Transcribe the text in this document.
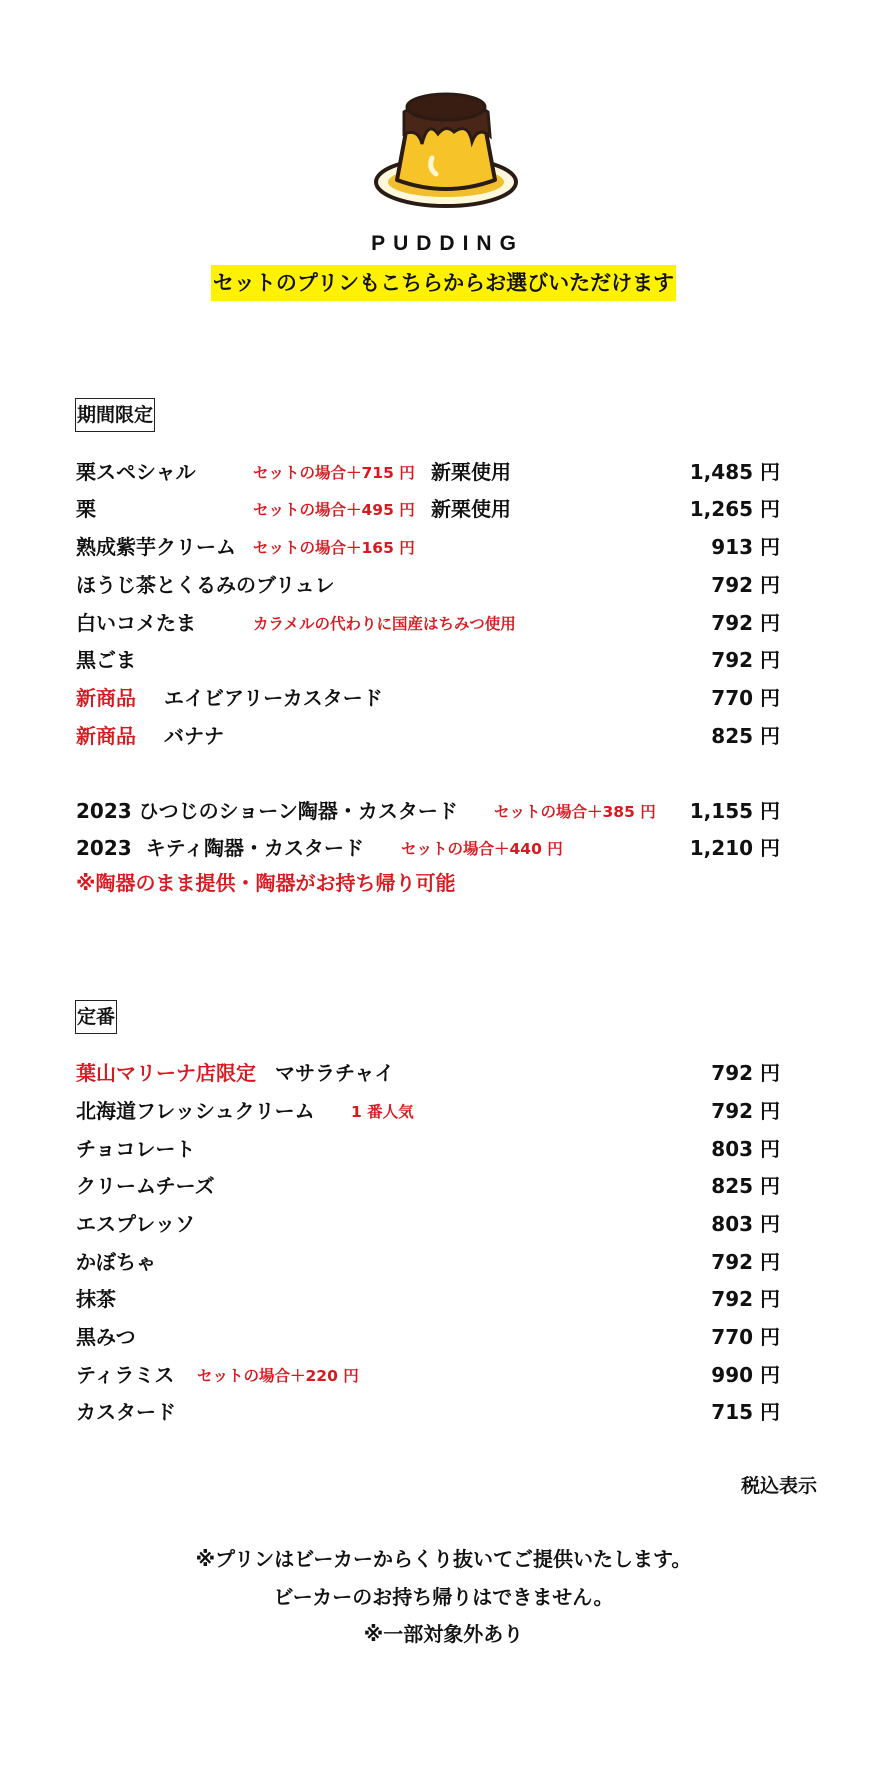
PUDDING
セットのプリンもこちらからお選びいただけます
期間限定
栗スペシャル	セットの場合＋715 円 新栗使用	1,485 円
栗	セットの場合＋495 円 新栗使用	1,265 円
熟成紫芋クリーム セットの場合＋165 円	913 円
ほうじ茶とくるみのブリュレ	792 円
白いコメたま	カラメルの代わりに国産はちみつ使用	792 円
黒ごま	792 円
新商品 エイビアリーカスタード	770 円
新商品 バナナ	825 円
2023 ひつじのショーン陶器・カスタード セットの場合＋385 円 1,155 円
2023  キティ陶器・カスタード セットの場合＋440 円	1,210 円
※陶器のまま提供・陶器がお持ち帰り可能
定番
葉山マリーナ店限定 マサラチャイ	792 円
北海道フレッシュクリーム 1 番人気	792 円
チョコレート	803 円
クリームチーズ	825 円
エスプレッソ	803 円
かぼちゃ	792 円
抹茶	792 円
黒みつ	770 円
ティラミス セットの場合＋220 円	990 円
カスタード	715 円
税込表示
※プリンはビーカーからくり抜いてご提供いたします。
ビーカーのお持ち帰りはできません。
※一部対象外あり
